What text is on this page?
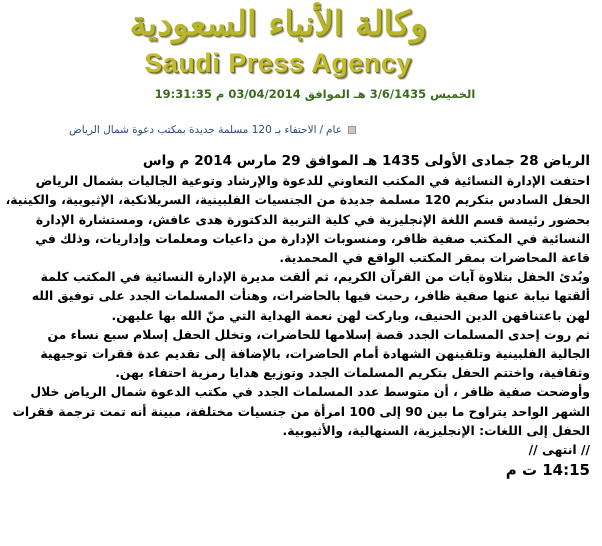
وكالة الأنباء السعودية
Saudi Press Agency
الخميس 3/6/1435 هـ الموافق 03/04/2014 م 19:31:35
عام
/
الاحتفاء بـ 120 مسلمة جديدة بمكتب دعوة شمال الرياض

الرياض 28 جمادى الأولى 1435 هـ الموافق 29 مارس 2014 م واس

احتفت الإدارة النسائية في المكتب التعاوني للدعوة والإرشاد وتوعية الجاليات بشمال الرياض الحفل السادس بتكريم 120 مسلمة جديدة من الجنسيات الفلبينية، السريلانكية، الإثيوبية، والكينية، بحضور رئيسة قسم اللغة الإنجليزية في كلية التربية الدكتورة هدى عافش، ومستشارة الإدارة النسائية في المكتب صفية ظافر، ومنسوبات الإدارة من داعيات ومعلمات وإداريات، وذلك في قاعة المحاضرات بمقر المكتب الواقع في المحمدية.

وبُدئ الحفل بتلاوة آيات من القرآن الكريم، ثم ألقت مديرة الإدارة النسائية في المكتب كلمة ألقتها نيابة عنها صفية ظافر، رحبت فيها بالحاضرات، وهنأت المسلمات الجدد على توفيق الله لهن باعتناقهن الدين الحنيف، وباركت لهن نعمة الهداية التي منّ الله بها عليهن.

ثم روت إحدى المسلمات الجدد قصة إسلامها للحاضرات، وتخلل الحفل إسلام سبع نساء من الجالية الفلبينية وتلقينهن الشهادة أمام الحاضرات، بالإضافة إلى تقديم عدة فقرات توجيهية وثقافية، واختتم الحفل بتكريم المسلمات الجدد وتوزيع هدايا رمزية احتفاء بهن.

وأوضحت صفية ظافر ، أن متوسط عدد المسلمات الجدد في مكتب الدعوة شمال الرياض خلال الشهر الواحد يتراوح ما بين 90 إلى 100 امرأة من جنسيات مختلفة، مبينة أنه تمت ترجمة فقرات الحفل إلى اللغات: الإنجليزية، السنهالية، والأثيوبية.

// انتهى //

14:15 ت م
